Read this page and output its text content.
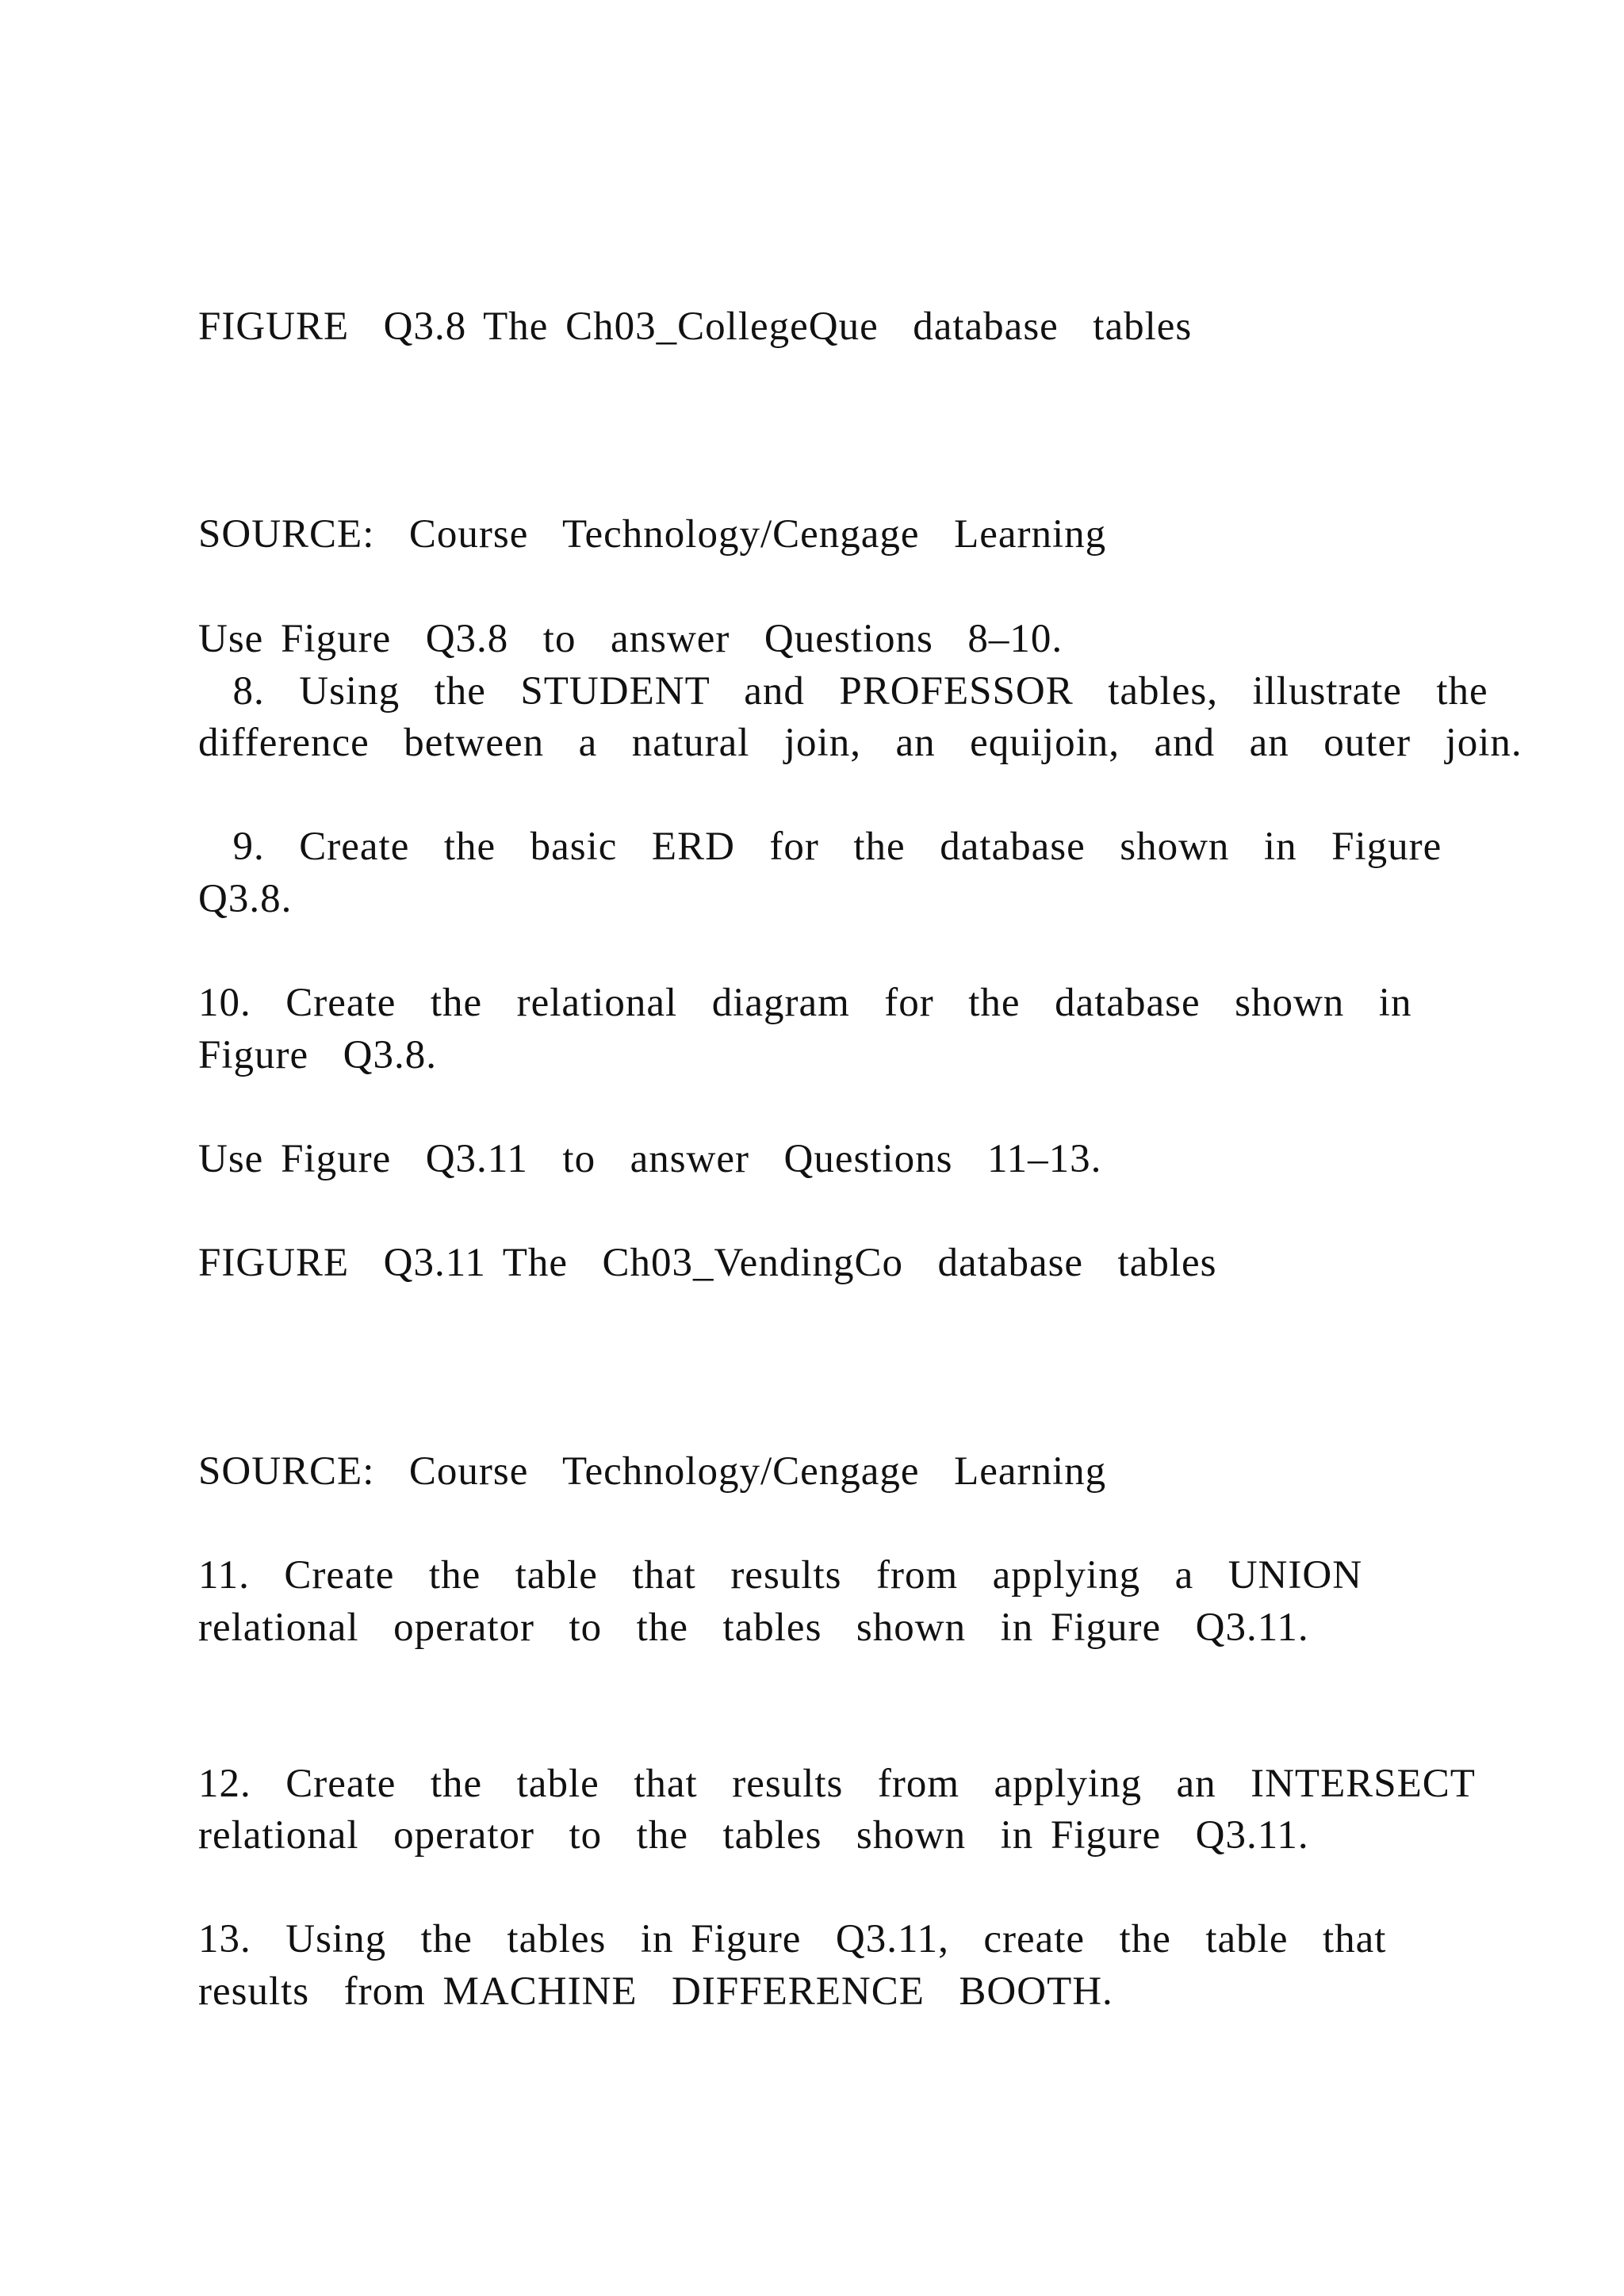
FIGURE  Q3.8 The Ch03_CollegeQue  database  tables

SOURCE:  Course  Technology/Cengage  Learning

Use Figure  Q3.8  to  answer  Questions  8–10.

8.  Using  the  STUDENT  and  PROFESSOR  tables,  illustrate  the

difference  between  a  natural  join,  an  equijoin,  and  an  outer  join.

9.  Create  the  basic  ERD  for  the  database  shown  in  Figure

Q3.8.

10.  Create  the  relational  diagram  for  the  database  shown  in

Figure  Q3.8.

Use Figure  Q3.11  to  answer  Questions  11–13.

FIGURE  Q3.11 The  Ch03_VendingCo  database  tables

SOURCE:  Course  Technology/Cengage  Learning

11.  Create  the  table  that  results  from  applying  a  UNION

relational  operator  to  the  tables  shown  in Figure  Q3.11.

12.  Create  the  table  that  results  from  applying  an  INTERSECT

relational  operator  to  the  tables  shown  in Figure  Q3.11.

13.  Using  the  tables  in Figure  Q3.11,  create  the  table  that

results  from MACHINE  DIFFERENCE  BOOTH.
